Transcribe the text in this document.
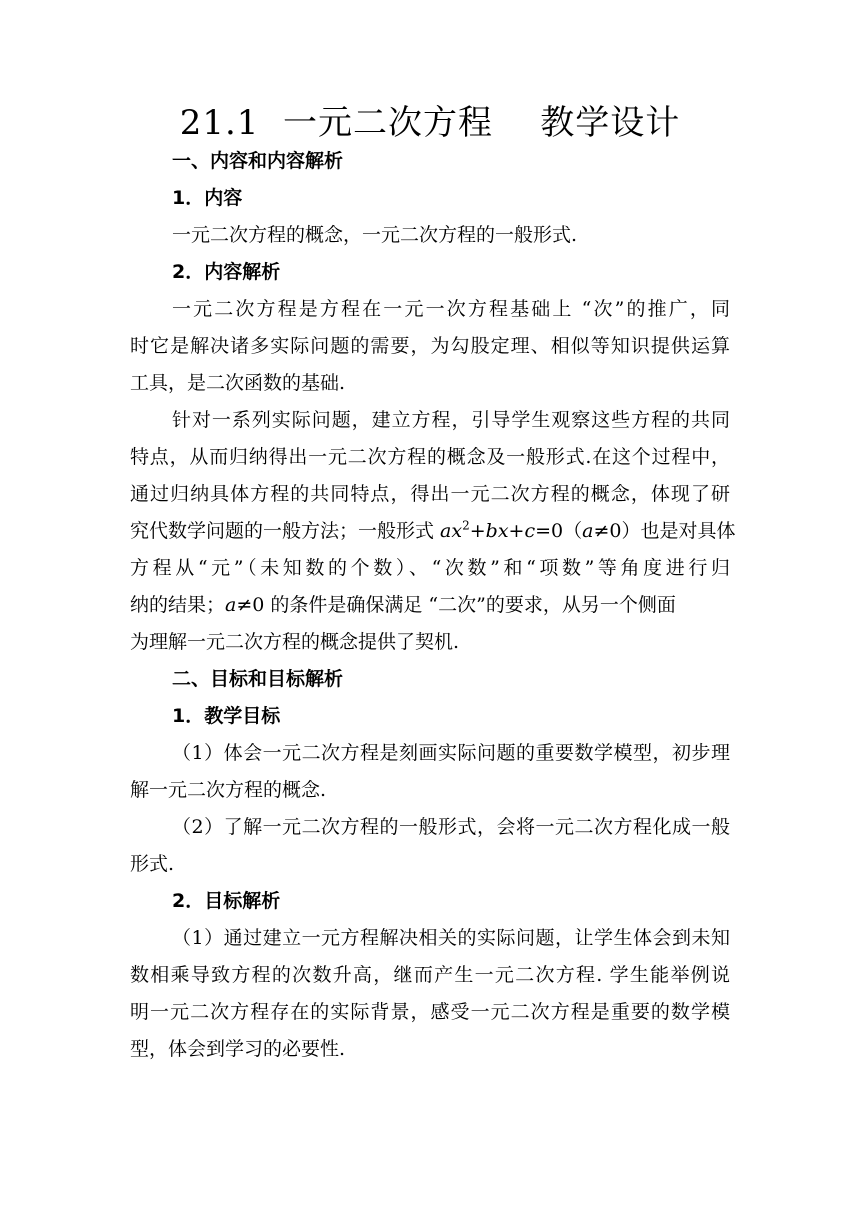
21.1  一元二次方程    教学设计
一、内容和内容解析
1．内容
一元二次方程的概念，一元二次方程的一般形式.
2．内容解析
一元二次方程是方程在一元一次方程基础上 “次”的推广，同
时它是解决诸多实际问题的需要，为勾股定理、相似等知识提供运算
工具，是二次函数的基础.
针对一系列实际问题，建立方程，引导学生观察这些方程的共同
特点，从而归纳得出一元二次方程的概念及一般形式.在这个过程中，
通过归纳具体方程的共同特点，得出一元二次方程的概念，体现了研
究代数学问题的一般方法；一般形式 $ax^2+bx+c=0(a\ne 0)$也是对具体
方程从“元”（未知数的个数）、“次数”和“项数”等角度进行归
纳的结果；a≠0 的条件是确保满足 “二次”的要求，从另一个侧面
为理解一元二次方程的概念提供了契机.
二、目标和目标解析
1．教学目标
（1）体会一元二次方程是刻画实际问题的重要数学模型，初步理
解一元二次方程的概念.
（2）了解一元二次方程的一般形式，会将一元二次方程化成一般
形式.
2．目标解析
（1）通过建立一元方程解决相关的实际问题，让学生体会到未知
数相乘导致方程的次数升高，继而产生一元二次方程. 学生能举例说
明一元二次方程存在的实际背景，感受一元二次方程是重要的数学模
型，体会到学习的必要性.
